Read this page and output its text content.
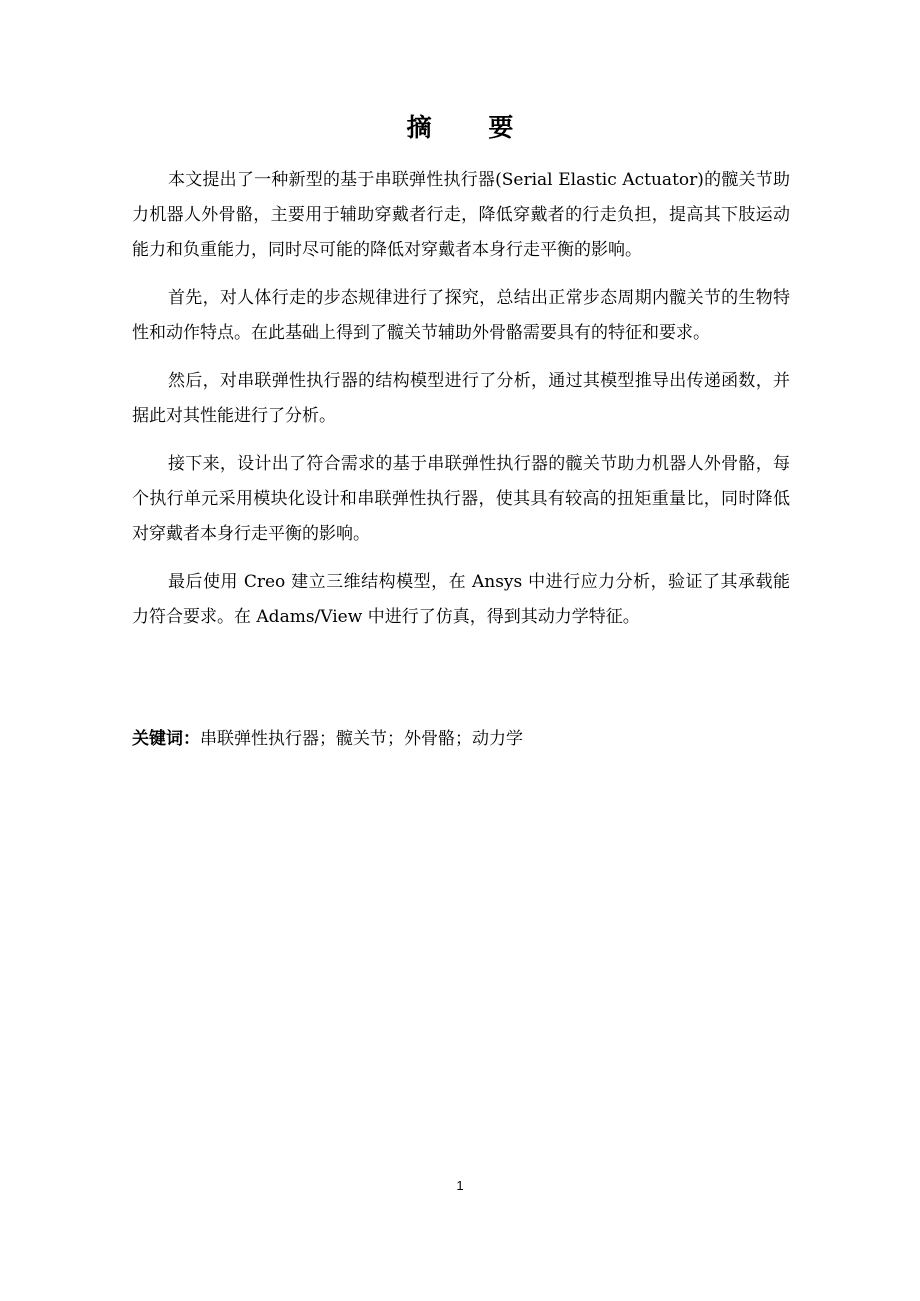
摘 要

本文提出了一种新型的基于串联弹性执行器(Serial Elastic Actuator)的髋关节助力机器人外骨骼，主要用于辅助穿戴者行走，降低穿戴者的行走负担，提高其下肢运动能力和负重能力，同时尽可能的降低对穿戴者本身行走平衡的影响。

首先，对人体行走的步态规律进行了探究，总结出正常步态周期内髋关节的生物特性和动作特点。在此基础上得到了髋关节辅助外骨骼需要具有的特征和要求。

然后，对串联弹性执行器的结构模型进行了分析，通过其模型推导出传递函数，并据此对其性能进行了分析。

接下来，设计出了符合需求的基于串联弹性执行器的髋关节助力机器人外骨骼，每个执行单元采用模块化设计和串联弹性执行器，使其具有较高的扭矩重量比，同时降低对穿戴者本身行走平衡的影响。

最后使用 Creo 建立三维结构模型，在 Ansys 中进行应力分析，验证了其承载能力符合要求。在 Adams/View 中进行了仿真，得到其动力学特征。

关键词：串联弹性执行器；髋关节；外骨骼；动力学
1
